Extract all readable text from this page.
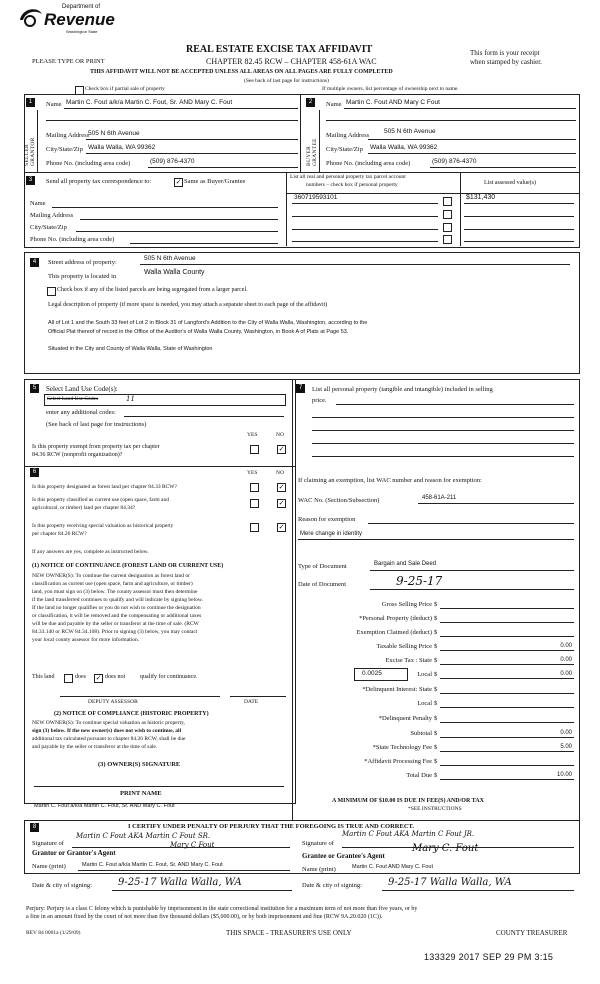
Department of
Revenue
Washington State
PLEASE TYPE OR PRINT
REAL ESTATE EXCISE TAX AFFIDAVIT
CHAPTER 82.45 RCW – CHAPTER 458-61A WAC
This form is your receipt
when stamped by cashier.
THIS AFFIDAVIT WILL NOT BE ACCEPTED UNLESS ALL AREAS ON ALL PAGES ARE FULLY COMPLETED
(See back of last page for instructions)
Check box if partial sale of property	If multiple owners, list percentage of ownership next to name.
1
SELLER GRANTOR
Name Martin C. Fout a/k/a Martin C. Fout, Sr. AND Mary C. Fout
Mailing Address
505 N 6th Avenue
City/State/Zip Walla Walla, WA 99362
Phone No. (including area code)	(509) 876-4370
2
BUYER GRANTEE
Name Martin C. Fout AND Mary C Fout
Mailing Address
505 N 6th Avenue
City/State/Zip Walla Walla, WA 99362
Phone No. (including area code)	(509) 876-4370
3	Send all property tax correspondence to:	✓ Same as Buyer/Grantee
List all real and personal property tax parcel account
numbers – check box if personal property	List assessed value(s)
Name
Mailing Address
City/State/Zip
Phone No. (including area code)
360719593101	$131,430
4	Street address of property:
505 N 6th Avenue
This property is located in
Walla Walla County
Check box if any of the listed parcels are being segregated from a larger parcel.
Legal description of property (if more space is needed, you may attach a separate sheet to each page of the affidavit)
All of Lot 1 and the South 33 feet of Lot 2 in Block 31 of Langford's Addition to the City of Walla Walla, Washington, according to the
Official Plat thereof of record in the Office of the Auditor's of Walla Walla County, Washington, in Book A of Plats at Page 53.
Situated in the City and County of Walla Walla, State of Washington
5	Select Land Use Code(s):
Select Land Use Codes	11
enter any additional codes:
(See back of last page for instructions)
YES	NO
Is this property exempt from property tax per chapter
84.36 RCW (nonprofit organization)?
✓
6	YES	NO
Is this property designated as forest land per chapter 84.33 RCW?	✓
Is this property classified as current use (open space, farm and
agricultural, or timber) land per chapter 84.34?
✓
Is this property receiving special valuation as historical property
per chapter 84.26 RCW?
✓
If any answers are yes, complete as instructed below.
(1) NOTICE OF CONTINUANCE (FOREST LAND OR CURRENT USE)
NEW OWNER(S): To continue the current designation as forest land or
classification as current use (open space, farm and agriculture, or timber)
land, you must sign on (3) below. The county assessor must then determine
if the land transferred continues to qualify and will indicate by signing below.
If the land no longer qualifies or you do not wish to continue the designation
or classification, it will be removed and the compensating or additional taxes
will be due and payable by the seller or transferor at the time of sale. (RCW
84.33.140 or RCW 84.34.108). Prior to signing (3) below, you may contact
your local county assessor for more information.
This land	does ✓ does not qualify for continuance.
DEPUTY ASSESSOR	DATE
(2) NOTICE OF COMPLIANCE (HISTORIC PROPERTY)
NEW OWNER(S): To continue special valuation as historic property,
sign (3) below. If the new owner(s) does not wish to continue, all
additional tax calculated pursuant to chapter 84.26 RCW, shall be due
and payable by the seller or transferor at the time of sale.
(3) OWNER(S) SIGNATURE
PRINT NAME
Martin C. Fout a/k/a Martin C. Fout, Sr. AND Mary C. Fout
7	List all personal property (tangible and intangible) included in selling
price.
If claiming an exemption, list WAC number and reason for exemption:
WAC No. (Section/Subsection)	458-61A-211
Reason for exemption
Mere change in identity
Type of Document	Bargain and Sale Deed
Date of Document	9-25-17
Gross Selling Price $
*Personal Property (deduct) $
Exemption Claimed (deduct) $
Taxable Selling Price $	0.00
Excise Tax : State $	0.00
0.0025	Local $	0.00
*Delinquent Interest: State $
Local $
*Delinquent Penalty $
Subtotal $	0.00
*State Technology Fee $	5.00
*Affidavit Processing Fee $
Total Due $	10.00
A MINIMUM OF $10.00 IS DUE IN FEE(S) AND/OR TAX
*SEE INSTRUCTIONS
8	I CERTIFY UNDER PENALTY OF PERJURY THAT THE FOREGOING IS TRUE AND CORRECT.
Signature of
Martin C Fout AKA Martin C Fout SR.
Mary C Fout
Grantor or Grantor's Agent
Name (print)	Martin C. Fout a/k/a Martin C. Fout, Sr. AND Mary C. Fout
Signature of
Martin C Fout AKA Martin C Fout JR.
Mary C. Fout
Grantee or Grantee's Agent
Name (print)	Martin C. Fout AND Mary C. Fout
Date & city of signing:	9-25-17 Walla Walla, WA	Date & city of signing:	9-25-17 Walla Walla, WA
Perjury: Perjury is a class C felony which is punishable by imprisonment in the state correctional institution for a maximum term of not more than five years, or by
a fine in an amount fixed by the court of not more than five thousand dollars ($5,000.00), or by both imprisonment and fine (RCW 9A.20.020 (1C)).
REV 84 0001a (1/29/09)	THIS SPACE - TREASURER'S USE ONLY	COUNTY TREASURER
133329 2017 SEP 29 PM 3:15
